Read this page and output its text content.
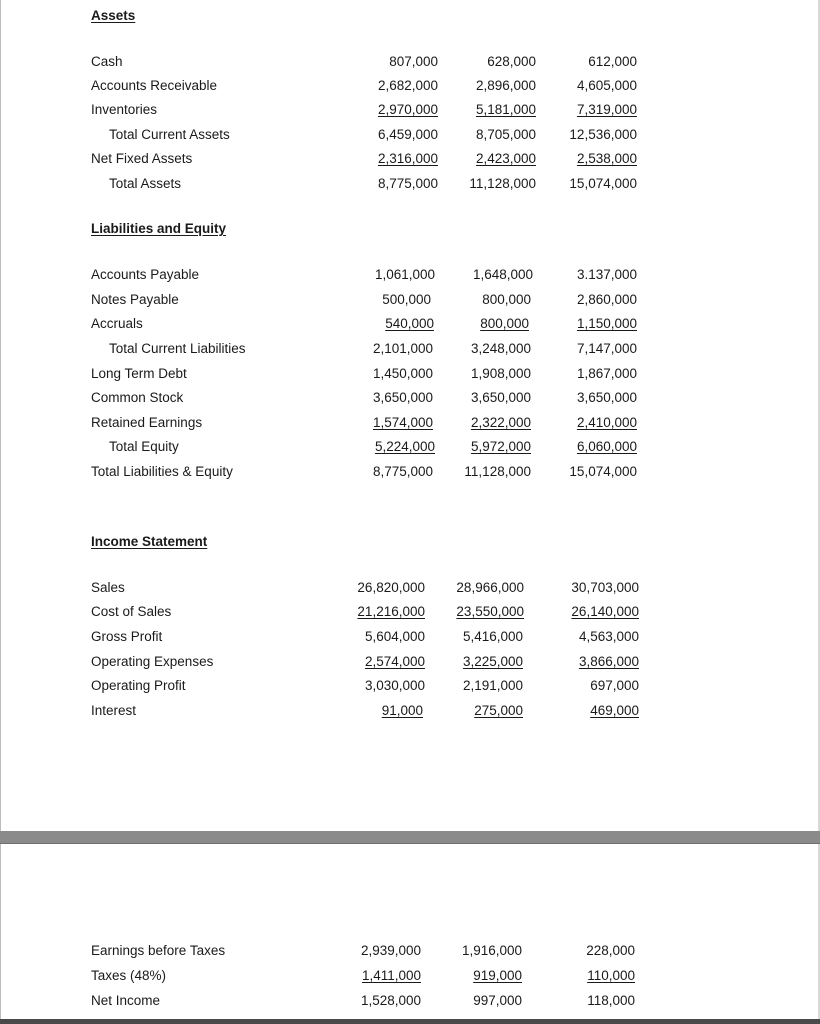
Assets
Cash	807,000	628,000	612,000
Accounts Receivable	2,682,000	2,896,000	4,605,000
Inventories	2,970,000	5,181,000	7,319,000
Total Current Assets	6,459,000	8,705,000 12,536,000
Net Fixed Assets	2,316,000	2,423,000	2,538,000
Total Assets	8,775,000 11,128,000 15,074,000
Liabilities and Equity
Accounts Payable	1,061,000	1,648,000	3.137,000
Notes Payable	500,000	800,000	2,860,000
Accruals	540,000	800,000	1,150,000
Total Current Liabilities	2,101,000	3,248,000	7,147,000
Long Term Debt	1,450,000	1,908,000	1,867,000
Common Stock	3,650,000	3,650,000	3,650,000
Retained Earnings	1,574,000	2,322,000	2,410,000
Total Equity	5,224,000	5,972,000	6,060,000
Total Liabilities & Equity	8,775,000 11,128,000	15,074,000
Income Statement
Sales	26,820,000 28,966,000	30,703,000
Cost of Sales	21,216,000 23,550,000	26,140,000
Gross Profit	5,604,000	5,416,000	4,563,000
Operating Expenses	2,574,000	3,225,000	3,866,000
Operating Profit	3,030,000	2,191,000	697,000
Interest	91,000	275,000	469,000
Earnings before Taxes	2,939,000	1,916,000	228,000
Taxes (48%)	1,411,000	919,000	110,000
Net Income	1,528,000	997,000	118,000
